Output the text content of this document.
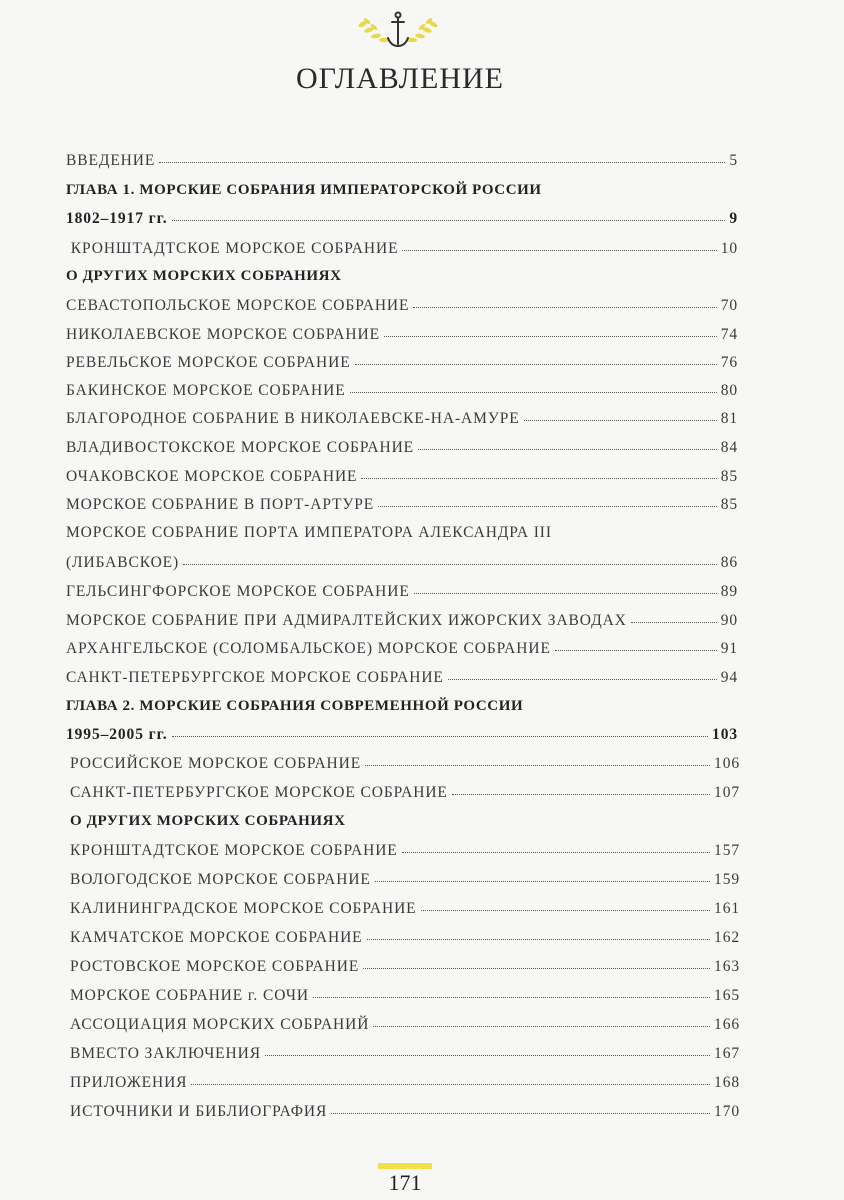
ОГЛАВЛЕНИЕ
ВВЕДЕНИЕ	5
ГЛАВА 1. МОРСКИЕ СОБРАНИЯ ИМПЕРАТОРСКОЙ РОССИИ
1802–1917 гг.	9
КРОНШТАДТСКОЕ МОРСКОЕ СОБРАНИЕ	10
О ДРУГИХ МОРСКИХ СОБРАНИЯХ
СЕВАСТОПОЛЬСКОЕ МОРСКОЕ СОБРАНИЕ	70
НИКОЛАЕВСКОЕ МОРСКОЕ СОБРАНИЕ	74
РЕВЕЛЬСКОЕ МОРСКОЕ СОБРАНИЕ	76
БАКИНСКОЕ МОРСКОЕ СОБРАНИЕ	80
БЛАГОРОДНОЕ СОБРАНИЕ В НИКОЛАЕВСКЕ-НА-АМУРЕ	81
ВЛАДИВОСТОКСКОЕ МОРСКОЕ СОБРАНИЕ	84
ОЧАКОВСКОЕ МОРСКОЕ СОБРАНИЕ	85
МОРСКОЕ СОБРАНИЕ В ПОРТ-АРТУРЕ	85
МОРСКОЕ СОБРАНИЕ ПОРТА ИМПЕРАТОРА АЛЕКСАНДРА III
(ЛИБАВСКОЕ)	86
ГЕЛЬСИНГФОРСКОЕ МОРСКОЕ СОБРАНИЕ	89
МОРСКОЕ СОБРАНИЕ ПРИ АДМИРАЛТЕЙСКИХ ИЖОРСКИХ ЗАВОДАХ	90
АРХАНГЕЛЬСКОЕ (СОЛОМБАЛЬСКОЕ) МОРСКОЕ СОБРАНИЕ	91
САНКТ-ПЕТЕРБУРГСКОЕ МОРСКОЕ СОБРАНИЕ	94
ГЛАВА 2. МОРСКИЕ СОБРАНИЯ СОВРЕМЕННОЙ РОССИИ
1995–2005 гг.	103
РОССИЙСКОЕ МОРСКОЕ СОБРАНИЕ	106
САНКТ-ПЕТЕРБУРГСКОЕ МОРСКОЕ СОБРАНИЕ	107
О ДРУГИХ МОРСКИХ СОБРАНИЯХ
КРОНШТАДТСКОЕ МОРСКОЕ СОБРАНИЕ	157
ВОЛОГОДСКОЕ МОРСКОЕ СОБРАНИЕ	159
КАЛИНИНГРАДСКОЕ МОРСКОЕ СОБРАНИЕ	161
КАМЧАТСКОЕ МОРСКОЕ СОБРАНИЕ	162
РОСТОВСКОЕ МОРСКОЕ СОБРАНИЕ	163
МОРСКОЕ СОБРАНИЕ г. СОЧИ	165
АССОЦИАЦИЯ МОРСКИХ СОБРАНИЙ	166
ВМЕСТО ЗАКЛЮЧЕНИЯ	167
ПРИЛОЖЕНИЯ	168
ИСТОЧНИКИ И БИБЛИОГРАФИЯ	170
171
